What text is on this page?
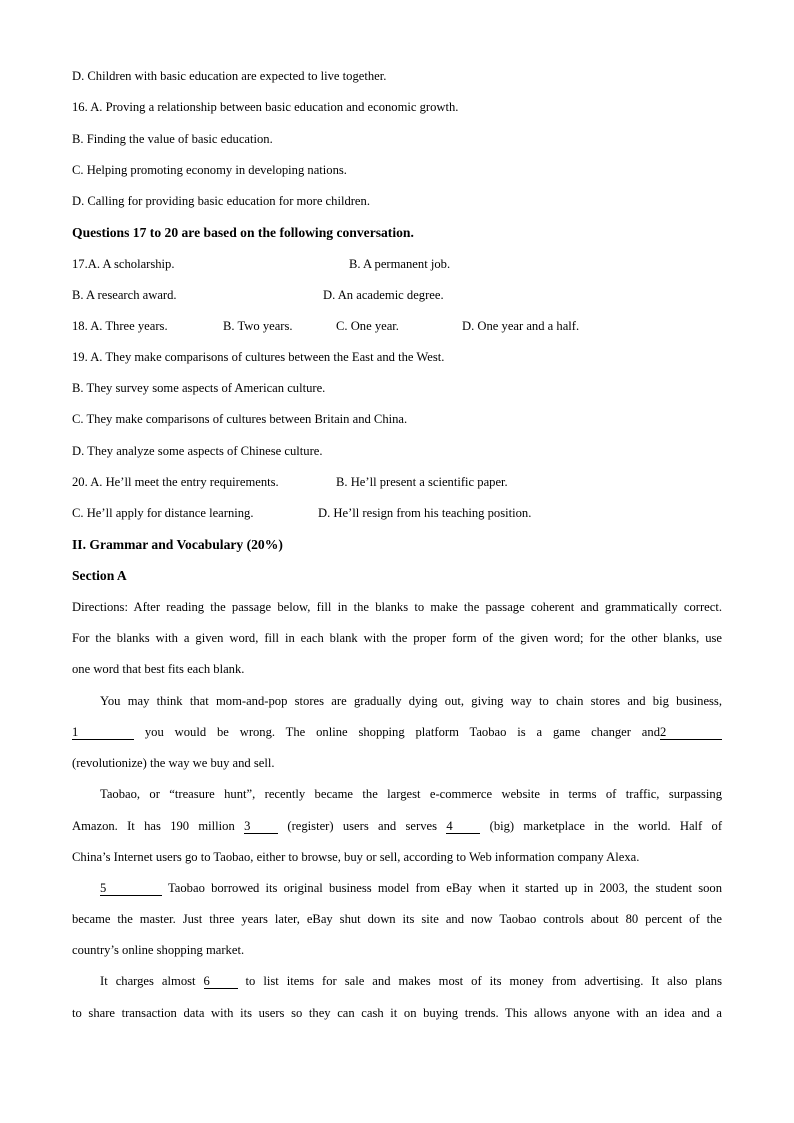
D. Children with basic education are expected to live together.
16. A. Proving a relationship between basic education and economic growth.
B. Finding the value of basic education.
C. Helping promoting economy in developing nations.
D. Calling for providing basic education for more children.
Questions 17 to 20 are based on the following conversation.
17.A. A scholarship.	B. A permanent job.
B. A research award.	D. An academic degree.
18. A. Three years.	B. Two years.	C. One year.	D. One year and a half.
19. A. They make comparisons of cultures between the East and the West.
B. They survey some aspects of American culture.
C. They make comparisons of cultures between Britain and China.
D. They analyze some aspects of Chinese culture.
20. A. He’ll meet the entry requirements.	B. He’ll present a scientific paper.
C. He’ll apply for distance learning.	D. He’ll resign from his teaching position.
II. Grammar and Vocabulary (20%)
Section A
Directions: After reading the passage below, fill in the blanks to make the passage coherent and grammatically correct.
For the blanks with a given word, fill in each blank with the proper form of the given word; for the other blanks, use
one word that best fits each blank.
You may think that mom-and-pop stores are gradually dying out, giving way to chain stores and big business,
1	you would be wrong. The online shopping platform Taobao is a game changer and2
(revolutionize) the way we buy and sell.
Taobao, or “treasure hunt”, recently became the largest e-commerce website in terms of traffic, surpassing
Amazon. It has 190 million 3	(register) users and serves 4	(big) marketplace in the world. Half of
China’s Internet users go to Taobao, either to browse, buy or sell, according to Web information company Alexa.
5	Taobao borrowed its original business model from eBay when it started up in 2003, the student soon
became the master. Just three years later, eBay shut down its site and now Taobao controls about 80 percent of the
country’s online shopping market.
It charges almost 6	to list items for sale and makes most of its money from advertising. It also plans
to share transaction data with its users so they can cash it on buying trends. This allows anyone with an idea and a
